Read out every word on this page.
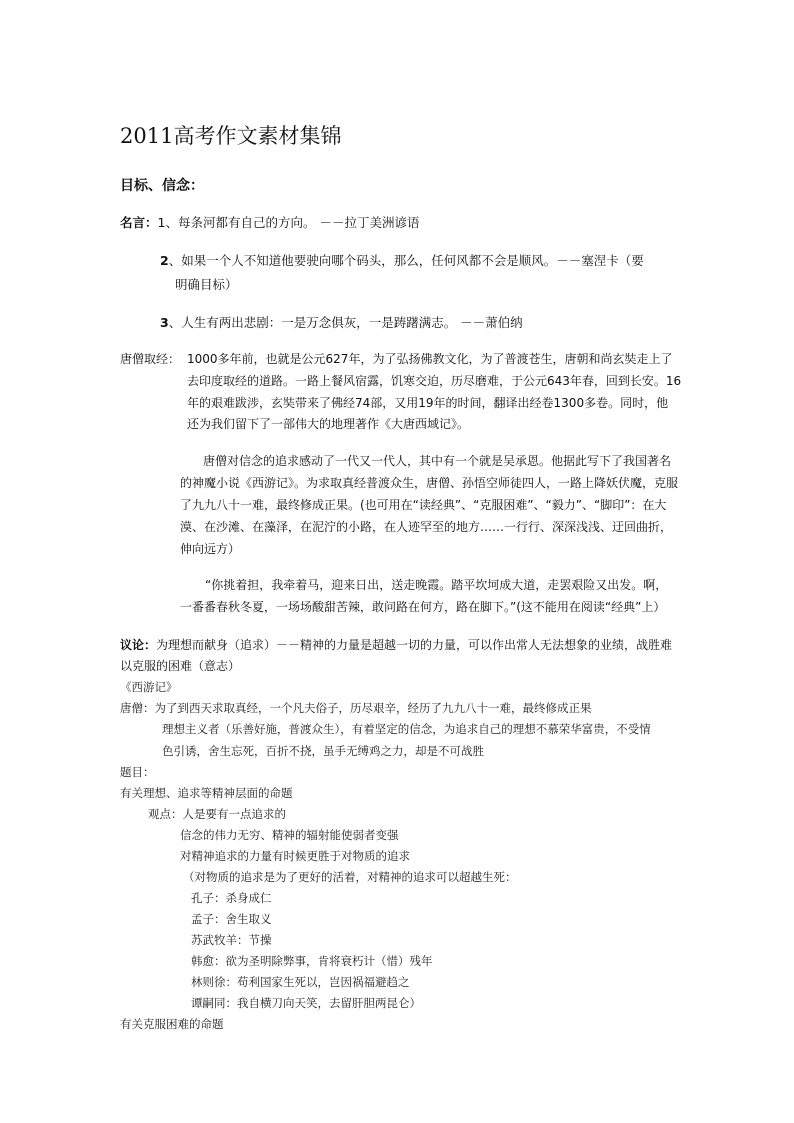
2011高考作文素材集锦
目标、信念：
名言：1、每条河都有自己的方向。 －－拉丁美洲谚语
2、如果一个人不知道他要驶向哪个码头，那么，任何风都不会是顺风。－－塞涅卡（要
明确目标）
3、人生有两出悲剧：一是万念俱灰，一是踌躇满志。 －－萧伯纳
唐僧取经： 1000多年前，也就是公元627年，为了弘扬佛教文化，为了普渡苍生，唐朝和尚玄奘走上了
去印度取经的道路。一路上餐风宿露，饥寒交迫，历尽磨难，于公元643年春，回到长安。16
年的艰难跋涉，玄奘带来了佛经74部，又用19年的时间，翻译出经卷1300多卷。同时，他
还为我们留下了一部伟大的地理著作《大唐西域记》。
唐僧对信念的追求感动了一代又一代人，其中有一个就是吴承恩。他据此写下了我国著名
的神魔小说《西游记》。为求取真经普渡众生，唐僧、孙悟空师徒四人，一路上降妖伏魔，克服
了九九八十一难，最终修成正果。(也可用在“读经典”、“克服困难”、“毅力”、“脚印”：在大
漠、在沙滩、在藻泽，在泥泞的小路，在人迹罕至的地方……一行行、深深浅浅、迂回曲折，
伸向远方）
“你挑着担，我牵着马，迎来日出，送走晚霞。踏平坎坷成大道，走罢艰险又出发。啊，
一番番春秋冬夏，一场场酸甜苦辣，敢问路在何方，路在脚下。”(这不能用在阅读“经典”上）
议论：为理想而献身（追求）－－精神的力量是超越一切的力量，可以作出常人无法想象的业绩，战胜难
以克服的困难（意志）
《西游记》
唐僧：为了到西天求取真经，一个凡夫俗子，历尽艰辛，经历了九九八十一难，最终修成正果
理想主义者（乐善好施，普渡众生），有着坚定的信念，为追求自己的理想不慕荣华富贵，不受情
色引诱，舍生忘死，百折不挠，虽手无缚鸡之力，却是不可战胜
题目：
有关理想、追求等精神层面的命题
观点：人是要有一点追求的
信念的伟力无穷、精神的辐射能使弱者变强
对精神追求的力量有时候更胜于对物质的追求
（对物质的追求是为了更好的活着，对精神的追求可以超越生死：
孔子：杀身成仁
孟子：舍生取义
苏武牧羊：节操
韩愈：欲为圣明除弊事，肯将衰朽计（惜）残年
林则徐：苟利国家生死以，岂因祸福避趋之
谭嗣同：我自横刀向天笑，去留肝胆两昆仑）
有关克服困难的命题
